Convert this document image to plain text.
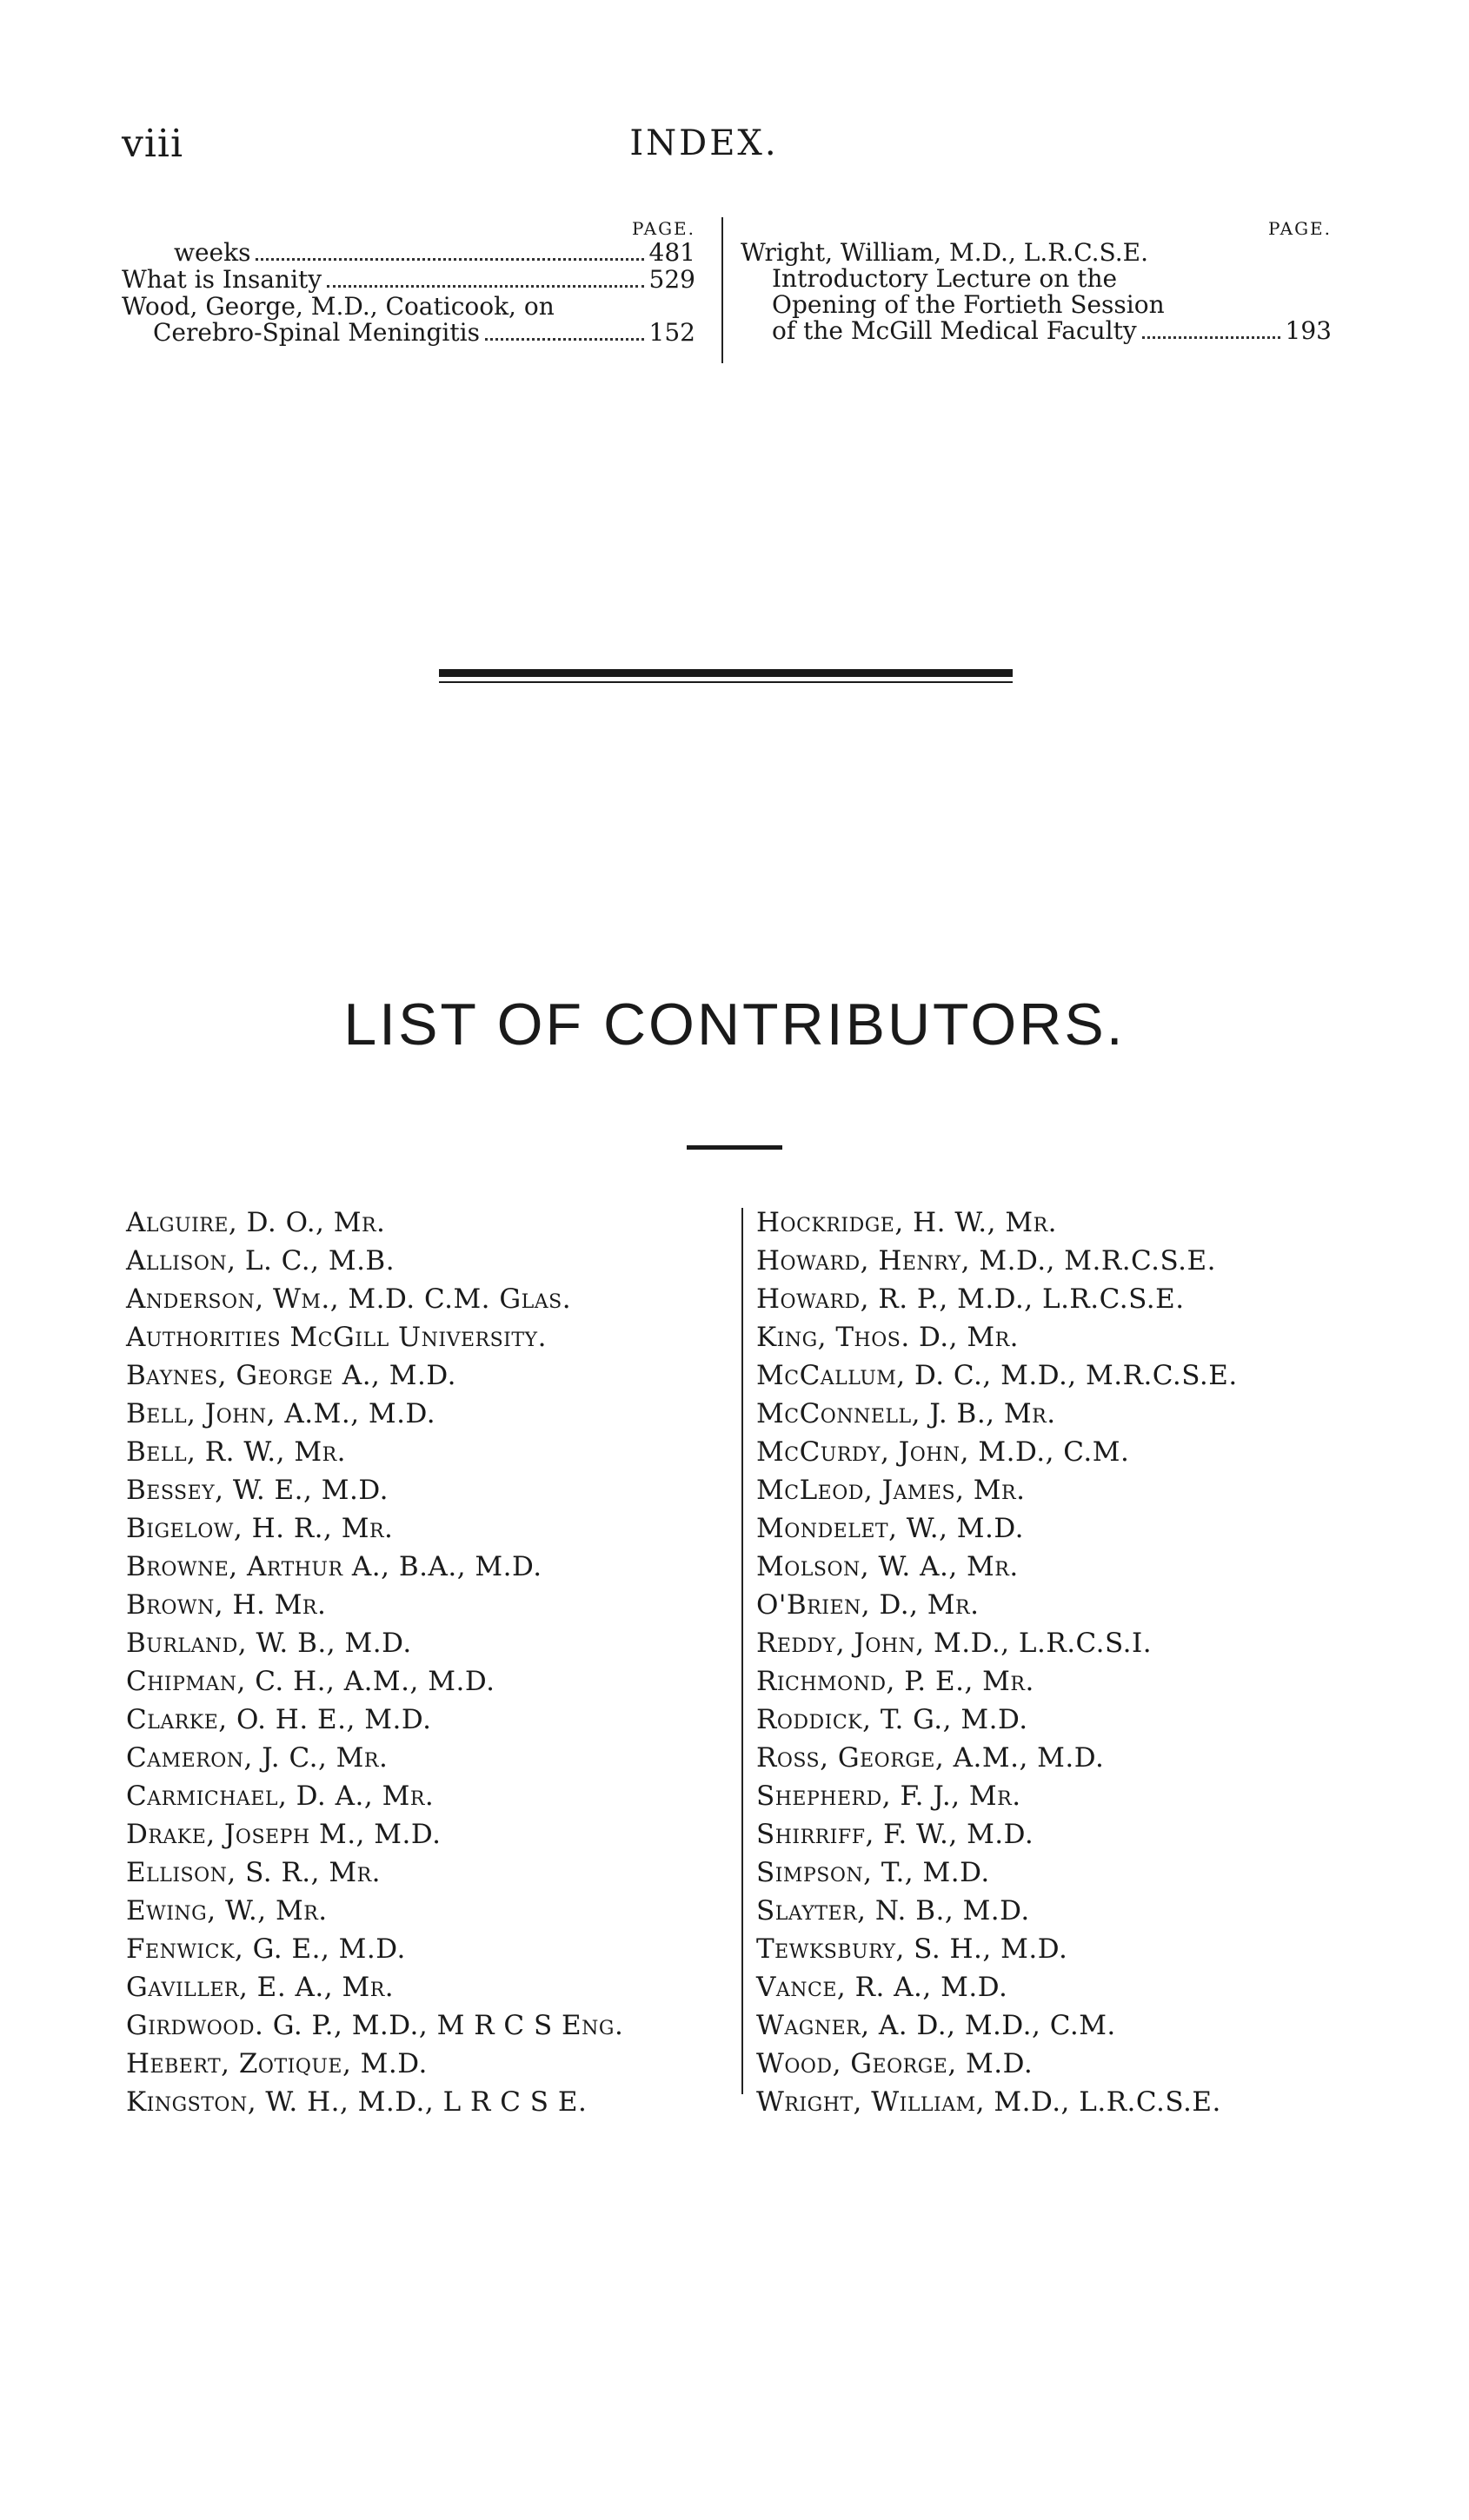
viii	INDEX.
PAGE.
weeks	481
What is Insanity	529
Wood, George, M.D., Coaticook, on
Cerebro-Spinal Meningitis	152
PAGE.
Wright, William, M.D., L.R.C.S.E.
Introductory Lecture on the
Opening of the Fortieth Session
of the McGill Medical Faculty	193
LIST OF CONTRIBUTORS.
Alguire, D. O., Mr.
Allison, L. C., M.B.
Anderson, Wm., M.D. C.M. Glas.
Authorities McGill University.
Baynes, George A., M.D.
Bell, John, A.M., M.D.
Bell, R. W., Mr.
Bessey, W. E., M.D.
Bigelow, H. R., Mr.
Browne, Arthur A., B.A., M.D.
Brown, H. Mr.
Burland, W. B., M.D.
Chipman, C. H., A.M., M.D.
Clarke, O. H. E., M.D.
Cameron, J. C., Mr.
Carmichael, D. A., Mr.
Drake, Joseph M., M.D.
Ellison, S. R., Mr.
Ewing, W., Mr.
Fenwick, G. E., M.D.
Gaviller, E. A., Mr.
Girdwood. G. P., M.D., M R C S Eng.
Hebert, Zotique, M.D.
Kingston, W. H., M.D., L R C S E.
Hockridge, H. W., Mr.
Howard, Henry, M.D., M.R.C.S.E.
Howard, R. P., M.D., L.R.C.S.E.
King, Thos. D., Mr.
McCallum, D. C., M.D., M.R.C.S.E.
McConnell, J. B., Mr.
McCurdy, John, M.D., C.M.
McLeod, James, Mr.
Mondelet, W., M.D.
Molson, W. A., Mr.
O'Brien, D., Mr.
Reddy, John, M.D., L.R.C.S.I.
Richmond, P. E., Mr.
Roddick, T. G., M.D.
Ross, George, A.M., M.D.
Shepherd, F. J., Mr.
Shirriff, F. W., M.D.
Simpson, T., M.D.
Slayter, N. B., M.D.
Tewksbury, S. H., M.D.
Vance, R. A., M.D.
Wagner, A. D., M.D., C.M.
Wood, George, M.D.
Wright, William, M.D., L.R.C.S.E.
